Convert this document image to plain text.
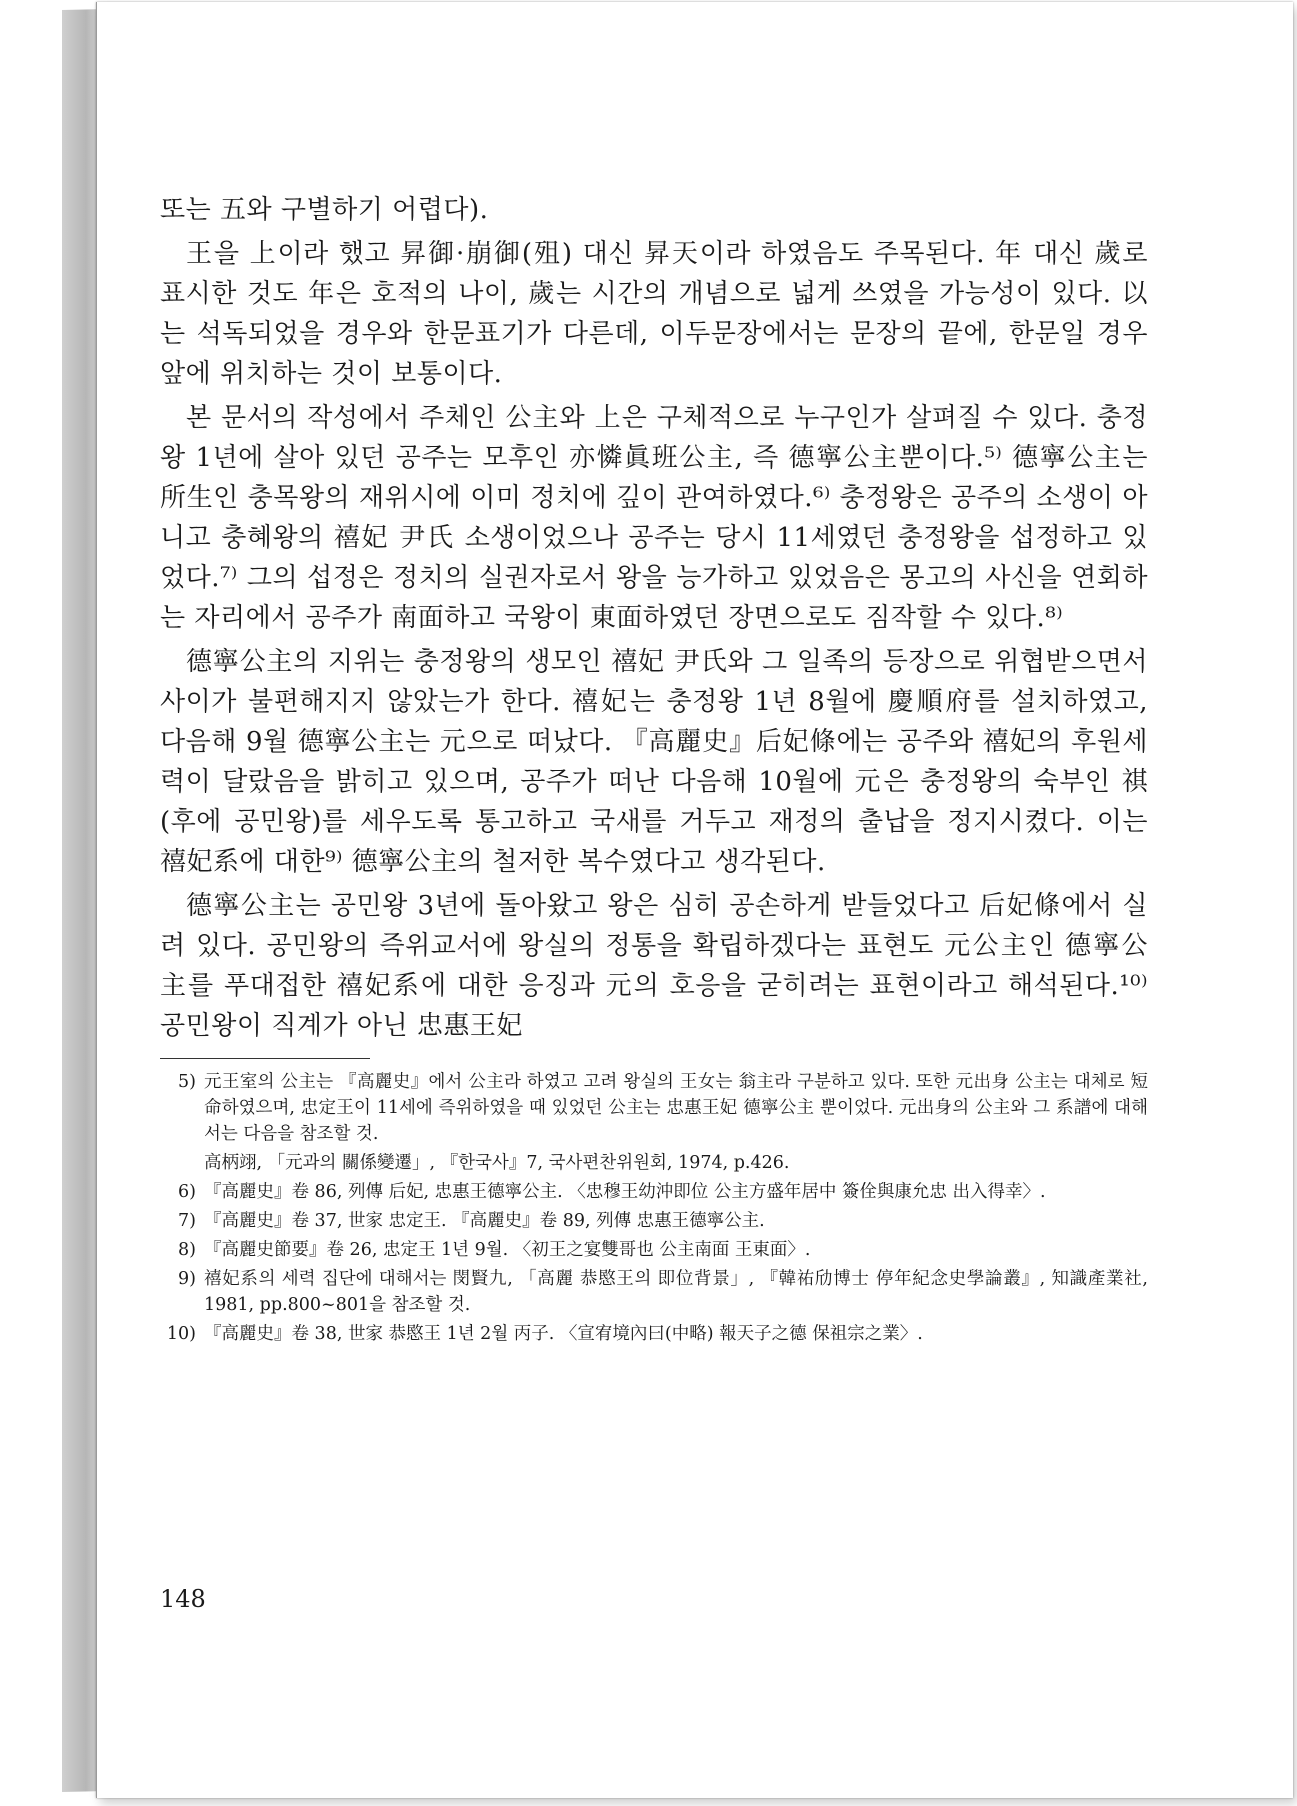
또는 五와 구별하기 어렵다).

王을 上이라 했고 昇御·崩御(殂) 대신 昇天이라 하였음도 주목된다. 年 대신 歲로 표시한 것도 年은 호적의 나이, 歲는 시간의 개념으로 넓게 쓰였을 가능성이 있다. 以는 석독되었을 경우와 한문표기가 다른데, 이두문장에서는 문장의 끝에, 한문일 경우 앞에 위치하는 것이 보통이다.

본 문서의 작성에서 주체인 公主와 上은 구체적으로 누구인가 살펴질 수 있다. 충정왕 1년에 살아 있던 공주는 모후인 亦憐眞班公主, 즉 德寧公主뿐이다.⁵⁾ 德寧公主는 所生인 충목왕의 재위시에 이미 정치에 깊이 관여하였다.⁶⁾ 충정왕은 공주의 소생이 아니고 충혜왕의 禧妃 尹氏 소생이었으나 공주는 당시 11세였던 충정왕을 섭정하고 있었다.⁷⁾ 그의 섭정은 정치의 실권자로서 왕을 능가하고 있었음은 몽고의 사신을 연회하는 자리에서 공주가 南面하고 국왕이 東面하였던 장면으로도 짐작할 수 있다.⁸⁾

德寧公主의 지위는 충정왕의 생모인 禧妃 尹氏와 그 일족의 등장으로 위협받으면서 사이가 불편해지지 않았는가 한다. 禧妃는 충정왕 1년 8월에 慶順府를 설치하였고, 다음해 9월 德寧公主는 元으로 떠났다. 『高麗史』后妃條에는 공주와 禧妃의 후원세력이 달랐음을 밝히고 있으며, 공주가 떠난 다음해 10월에 元은 충정왕의 숙부인 祺(후에 공민왕)를 세우도록 통고하고 국새를 거두고 재정의 출납을 정지시켰다. 이는 禧妃系에 대한⁹⁾ 德寧公主의 철저한 복수였다고 생각된다.

德寧公主는 공민왕 3년에 돌아왔고 왕은 심히 공손하게 받들었다고 后妃條에서 실려 있다. 공민왕의 즉위교서에 왕실의 정통을 확립하겠다는 표현도 元公主인 德寧公主를 푸대접한 禧妃系에 대한 응징과 元의 호응을 굳히려는 표현이라고 해석된다.¹⁰⁾ 공민왕이 직계가 아닌 忠惠王妃

5) 元王室의 公主는 『高麗史』에서 公主라 하였고 고려 왕실의 王女는 翁主라 구분하고 있다. 또한 元出身 公主는 대체로 短命하였으며, 忠定王이 11세에 즉위하였을 때 있었던 公主는 忠惠王妃 德寧公主 뿐이었다. 元出身의 公主와 그 系譜에 대해서는 다음을 참조할 것.
高柄翊, 「元과의 關係變遷」, 『한국사』7, 국사편찬위원회, 1974, p.426.
6) 『高麗史』卷 86, 列傳 后妃, 忠惠王德寧公主. 〈忠穆王幼沖即位 公主方盛年居中 簽佺與康允忠 出入得幸〉.
7) 『高麗史』卷 37, 世家 忠定王. 『高麗史』卷 89, 列傳 忠惠王德寧公主.
8) 『高麗史節要』卷 26, 忠定王 1년 9월. 〈初王之宴雙哥也 公主南面 王東面〉.
9) 禧妃系의 세력 집단에 대해서는 閔賢九, 「高麗 恭愍王의 即位背景」, 『韓祐劤博士 停年紀念史學論叢』, 知識產業社, 1981, pp.800~801을 참조할 것.
10) 『高麗史』卷 38, 世家 恭愍王 1년 2월 丙子. 〈宣宥境內曰(中略) 報天子之德 保祖宗之業〉.
148
